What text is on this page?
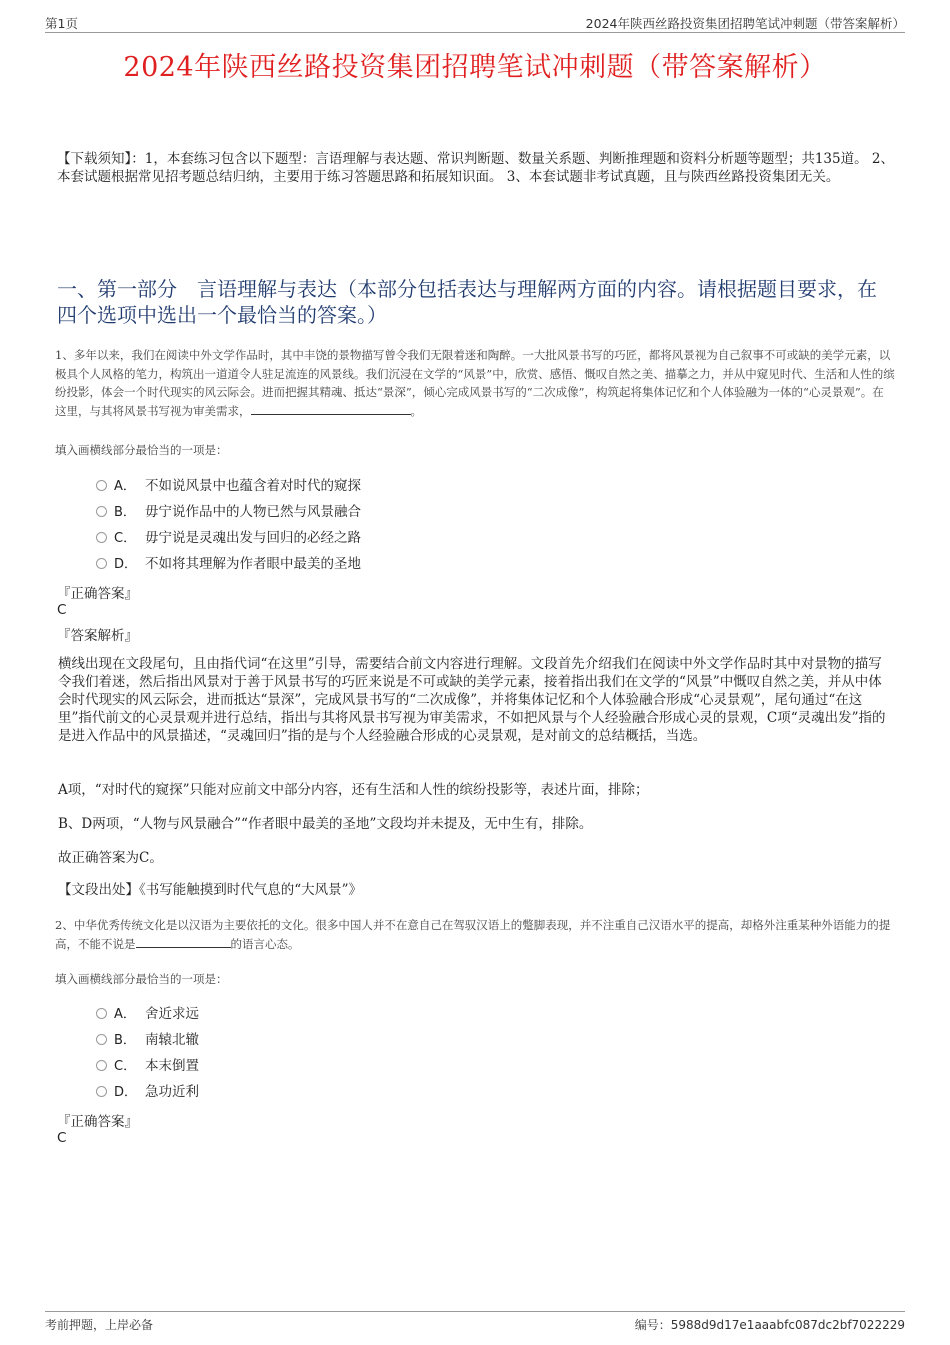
第1页	2024年陕西丝路投资集团招聘笔试冲刺题（带答案解析）
2024年陕西丝路投资集团招聘笔试冲刺题（带答案解析）
【下载须知】：1，本套练习包含以下题型：言语理解与表达题、常识判断题、数量关系题、判断推理题和资料分析题等题型；共135道。 2、本套试题根据常见招考题总结归纳，主要用于练习答题思路和拓展知识面。 3、本套试题非考试真题，且与陕西丝路投资集团无关。
一、第一部分　言语理解与表达（本部分包括表达与理解两方面的内容。请根据题目要求，在四个选项中选出一个最恰当的答案。）
1、多年以来，我们在阅读中外文学作品时，其中丰饶的景物描写曾令我们无限着迷和陶醉。一大批风景书写的巧匠，都将风景视为自己叙事不可或缺的美学元素，以极具个人风格的笔力，构筑出一道道令人驻足流连的风景线。我们沉浸在文学的“风景”中，欣赏、感悟、慨叹自然之美、描摹之力，并从中窥见时代、生活和人性的缤纷投影，体会一个时代现实的风云际会。进而把握其精魂、抵达“景深”，倾心完成风景书写的“二次成像”，构筑起将集体记忆和个人体验融为一体的“心灵景观”。在这里，与其将风景书写视为审美需求，	。
填入画横线部分最恰当的一项是：
A． 不如说风景中也蕴含着对时代的窥探
B． 毋宁说作品中的人物已然与风景融合
C． 毋宁说是灵魂出发与回归的必经之路
D． 不如将其理解为作者眼中最美的圣地
『正确答案』
C
『答案解析』
横线出现在文段尾句，且由指代词“在这里”引导，需要结合前文内容进行理解。文段首先介绍我们在阅读中外文学作品时其中对景物的描写令我们着迷，然后指出风景对于善于风景书写的巧匠来说是不可或缺的美学元素，接着指出我们在文学的“风景”中慨叹自然之美，并从中体会时代现实的风云际会，进而抵达“景深”，完成风景书写的“二次成像”，并将集体记忆和个人体验融合形成“心灵景观”，尾句通过“在这里”指代前文的心灵景观并进行总结，指出与其将风景书写视为审美需求，不如把风景与个人经验融合形成心灵的景观，C项“灵魂出发”指的是进入作品中的风景描述，“灵魂回归”指的是与个人经验融合形成的心灵景观，是对前文的总结概括，当选。
A项，“对时代的窥探”只能对应前文中部分内容，还有生活和人性的缤纷投影等，表述片面，排除；
B、D两项，“人物与风景融合”“作者眼中最美的圣地”文段均并未提及，无中生有，排除。
故正确答案为C。
【文段出处】《书写能触摸到时代气息的“大风景”》
2、中华优秀传统文化是以汉语为主要依托的文化。很多中国人并不在意自己在驾驭汉语上的蹩脚表现，并不注重自己汉语水平的提高，却格外注重某种外语能力的提高，不能不说是	的语言心态。
填入画横线部分最恰当的一项是：
A． 舍近求远
B． 南辕北辙
C． 本末倒置
D． 急功近利
『正确答案』
C
考前押题，上岸必备	编号：5988d9d17e1aaabfc087dc2bf7022229
